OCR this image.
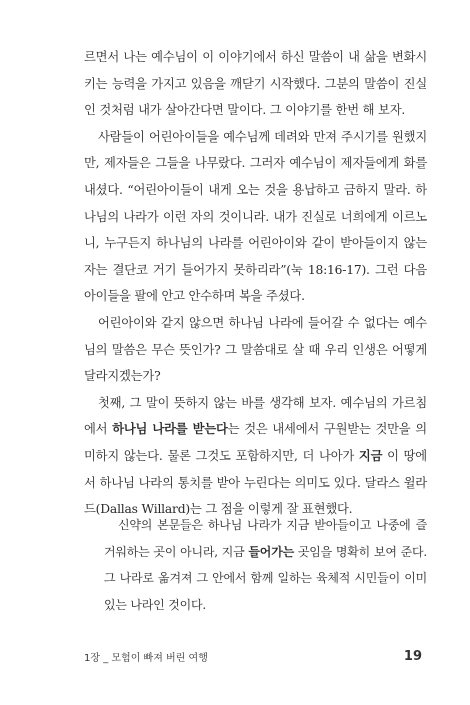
르면서 나는 예수님이 이 이야기에서 하신 말씀이 내 삶을 변화시키는 능력을 가지고 있음을 깨닫기 시작했다. 그분의 말씀이 진실인 것처럼 내가 살아간다면 말이다. 그 이야기를 한번 해 보자.

사람들이 어린아이들을 예수님께 데려와 만져 주시기를 원했지만, 제자들은 그들을 나무랐다. 그러자 예수님이 제자들에게 화를 내셨다. “어린아이들이 내게 오는 것을 용납하고 금하지 말라. 하나님의 나라가 이런 자의 것이니라. 내가 진실로 너희에게 이르노니, 누구든지 하나님의 나라를 어린아이와 같이 받아들이지 않는 자는 결단코 거기 들어가지 못하리라”(눅 18:16-17). 그런 다음 아이들을 팔에 안고 안수하며 복을 주셨다.

어린아이와 같지 않으면 하나님 나라에 들어갈 수 없다는 예수님의 말씀은 무슨 뜻인가? 그 말씀대로 살 때 우리 인생은 어떻게 달라지겠는가?

첫째, 그 말이 뜻하지 않는 바를 생각해 보자. 예수님의 가르침에서 하나님 나라를 받는다는 것은 내세에서 구원받는 것만을 의미하지 않는다. 물론 그것도 포함하지만, 더 나아가 지금 이 땅에서 하나님 나라의 통치를 받아 누린다는 의미도 있다. 달라스 윌라드(Dallas Willard)는 그 점을 이렇게 잘 표현했다.

신약의 본문들은 하나님 나라가 지금 받아들이고 나중에 즐거워하는 곳이 아니라, 지금 들어가는 곳임을 명확히 보여 준다. 그 나라로 옮겨져 그 안에서 함께 일하는 육체적 시민들이 이미 있는 나라인 것이다.

1장 _ 모험이 빠져 버린 여행	19
